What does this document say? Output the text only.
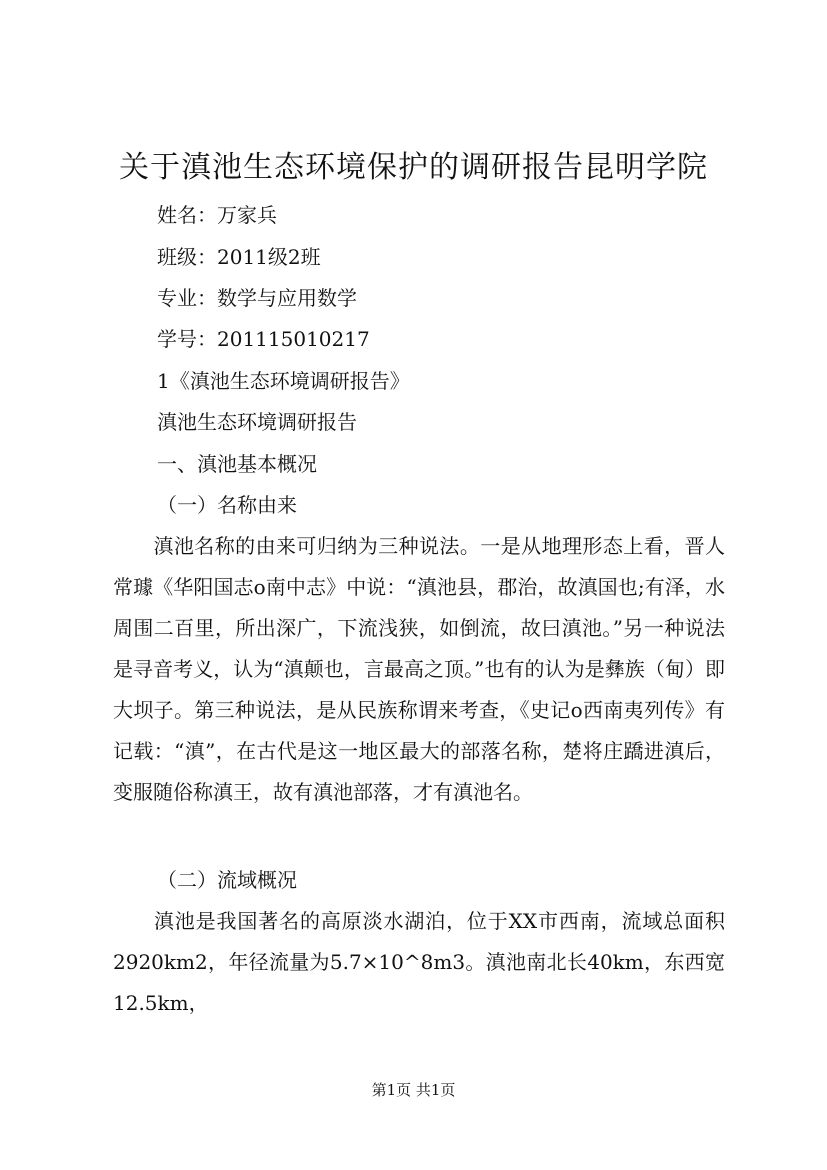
关于滇池生态环境保护的调研报告昆明学院

姓名：万家兵

班级：2011级2班

专业：数学与应用数学

学号：201115010217

1《滇池生态环境调研报告》

滇池生态环境调研报告

一、滇池基本概况

（一）名称由来

滇池名称的由来可归纳为三种说法。一是从地理形态上看，晋人常璩《华阳国志o南中志》中说：“滇池县，郡治，故滇国也;有泽，水周围二百里，所出深广，下流浅狭，如倒流，故曰滇池。”另一种说法是寻音考义，认为“滇颠也，言最高之顶。”也有的认为是彝族（甸）即大坝子。第三种说法，是从民族称谓来考查，《史记o西南夷列传》有记载：“滇”，在古代是这一地区最大的部落名称，楚将庄蹻进滇后，变服随俗称滇王，故有滇池部落，才有滇池名。

（二）流域概况

滇池是我国著名的高原淡水湖泊，位于XX市西南，流域总面积2920km2，年径流量为5.7×10^8m3。滇池南北长40km，东西宽12.5km，

第1页 共1页
